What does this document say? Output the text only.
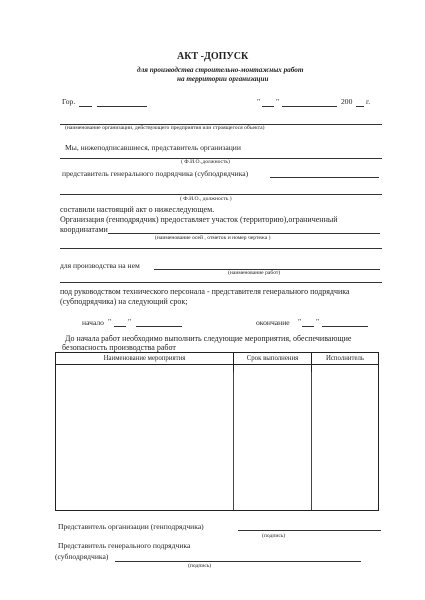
АКТ -ДОПУСК
для производства строительно-монтажных работ
на территории организации
Гор.	" "	200 г.
(наименование организации, действующего предприятия или строящегося объекта)
Мы, нижеподписавшиеся, представитель организации
( Ф.И.О.,должность)
представитель генерального подрядчика (субподрядчика)
( Ф.И.О., должность )
составили настоящий акт о нижеследующем.
Организация (генподрядчик) предоставляет участок (территорию),ограниченный
координатами
(наименование осей , отметок и номер чертежа )
для производства на нем
(наименование работ)
под руководством технического персонала - представителя генерального подрядчика
(субподрядчика) на следующий срок;
начало " "	окончание " "
До начала работ необходимо выполнить следующие мероприятия, обеспечивающие
безопасность производства работ
Наименование мероприятия	Срок выполнения	Исполнитель

Представитель организации (генподрядчика)
(подпись)
Представитель генерального подрядчика
(субподрядчика)
(подпись)
